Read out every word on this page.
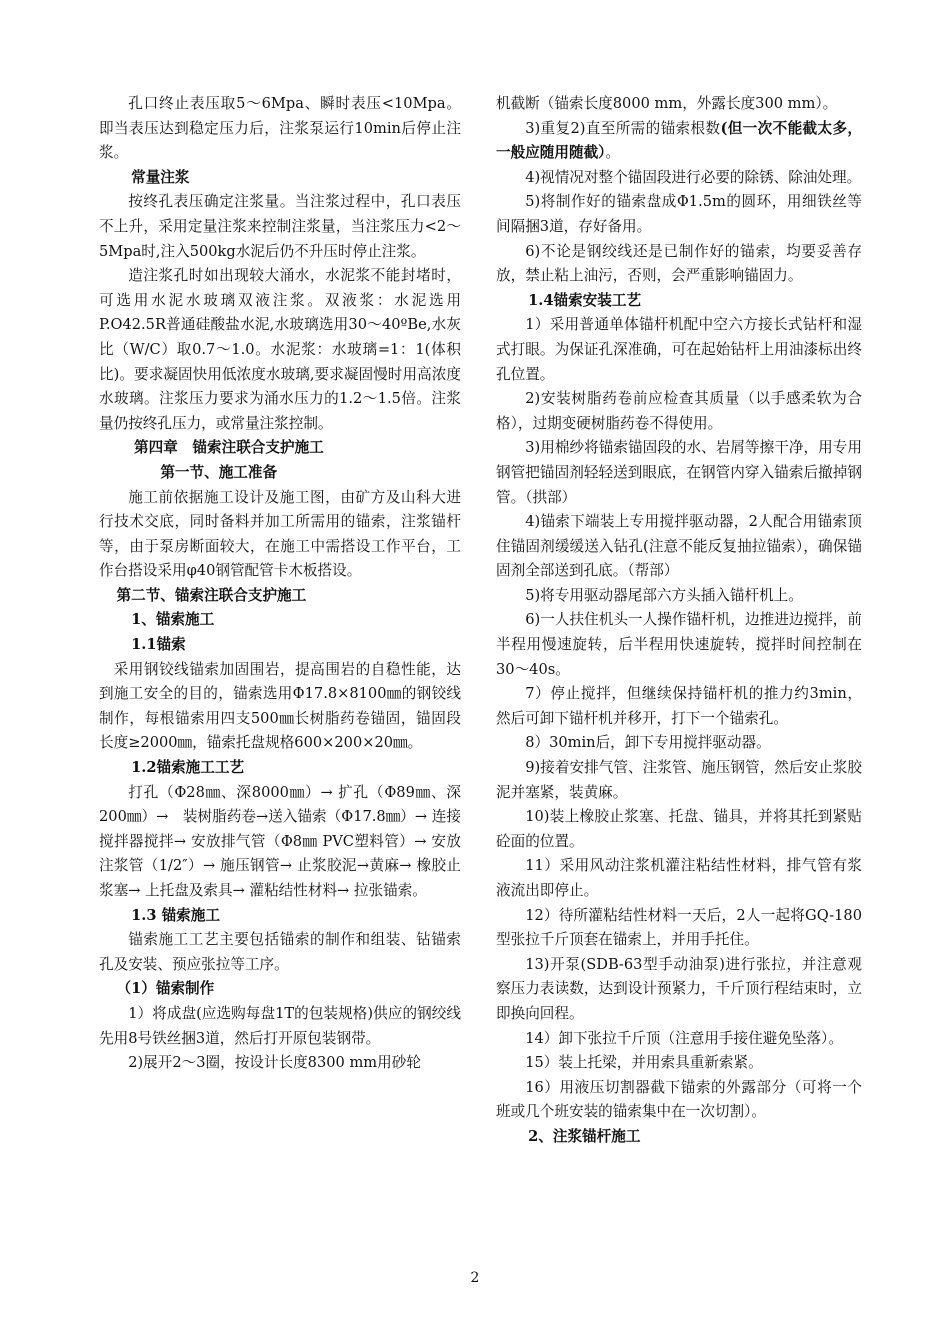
孔口终止表压取5～6Mpa、瞬时表压<10Mpa。即当表压达到稳定压力后，注浆泵运行10min后停止注浆。

常量注浆

按终孔表压确定注浆量。当注浆过程中，孔口表压不上升，采用定量注浆来控制注浆量，当注浆压力<2～5Mpa时,注入500kg水泥后仍不升压时停止注浆。

造注浆孔时如出现较大涌水，水泥浆不能封堵时，可选用水泥水玻璃双液注浆。双液浆：水泥选用P.O42.5R普通硅酸盐水泥,水玻璃选用30～40ºBe,水灰比（W/C）取0.7～1.0。水泥浆：水玻璃=1：1(体积比)。要求凝固快用低浓度水玻璃,要求凝固慢时用高浓度水玻璃。注浆压力要求为涌水压力的1.2～1.5倍。注浆量仍按终孔压力，或常量注浆控制。

第四章　锚索注联合支护施工

第一节、施工准备

施工前依据施工设计及施工图，由矿方及山科大进行技术交底，同时备料并加工所需用的锚索，注浆锚杆等，由于泵房断面较大，在施工中需搭设工作平台，工作台搭设采用φ40钢管配管卡木板搭设。

第二节、锚索注联合支护施工

1、锚索施工

1.1锚索

采用钢铰线锚索加固围岩，提高围岩的自稳性能，达到施工安全的目的，锚索选用Φ17.8×8100㎜的钢铰线制作，每根锚索用四支500㎜长树脂药卷锚固，锚固段长度≥2000㎜，锚索托盘规格600×200×20㎜。

1.2锚索施工工艺

打孔（Φ28㎜、深8000㎜）→ 扩孔（Φ89㎜、深200㎜）→　装树脂药卷→送入锚索（Φ17.8㎜）→ 连接搅拌器搅拌→ 安放排气管（Φ8㎜ PVC塑料管）→ 安放注浆管（1/2″）→ 施压钢管→ 止浆胶泥→黄麻→ 橡胶止浆塞→ 上托盘及索具→ 灌粘结性材料→ 拉张锚索。

1.3 锚索施工

锚索施工工艺主要包括锚索的制作和组装、钻锚索孔及安装、预应张拉等工序。

（1）锚索制作

1）将成盘(应选购每盘1T的包装规格)供应的钢绞线先用8号铁丝捆3道，然后打开原包装钢带。

2)展开2～3圈，按设计长度8300 mm用砂轮

机截断（锚索长度8000 mm，外露长度300 mm）。

3)重复2)直至所需的锚索根数(但一次不能截太多，一般应随用随截）。

4)视情况对整个锚固段进行必要的除锈、除油处理。

5)将制作好的锚索盘成Φ1.5m的圆环，用细铁丝等间隔捆3道，存好备用。

6)不论是钢绞线还是已制作好的锚索，均要妥善存放，禁止粘上油污，否则，会严重影响锚固力。

1.4锚索安装工艺

1）采用普通单体锚杆机配中空六方接长式钻杆和湿式打眼。为保证孔深准确，可在起始钻杆上用油漆标出终孔位置。

2)安装树脂药卷前应检查其质量（以手感柔软为合格），过期变硬树脂药卷不得使用。

3)用棉纱将锚索锚固段的水、岩屑等擦干净，用专用钢管把锚固剂轻轻送到眼底，在钢管内穿入锚索后撤掉钢管。（拱部）

4)锚索下端装上专用搅拌驱动器，2人配合用锚索顶住锚固剂缓缓送入钻孔(注意不能反复抽拉锚索），确保锚固剂全部送到孔底。（帮部）

5)将专用驱动器尾部六方头插入锚杆机上。

6)一人扶住机头一人操作锚杆机，边推进边搅拌，前半程用慢速旋转，后半程用快速旋转，搅拌时间控制在30～40s。

7）停止搅拌，但继续保持锚杆机的推力约3min，然后可卸下锚杆机并移开，打下一个锚索孔。

8）30min后，卸下专用搅拌驱动器。

9)接着安排气管、注浆管、施压钢管，然后安止浆胶泥并塞紧，装黄麻。

10)装上橡胶止浆塞、托盘、锚具，并将其托到紧贴砼面的位置。

11）采用风动注浆机灌注粘结性材料，排气管有浆液流出即停止。

12）待所灌粘结性材料一天后，2人一起将GQ-180型张拉千斤顶套在锚索上，并用手托住。

13)开泵(SDB-63型手动油泵)进行张拉，并注意观察压力表读数，达到设计预紧力，千斤顶行程结束时，立即换向回程。

14）卸下张拉千斤顶（注意用手接住避免坠落）。

15）装上托梁，并用索具重新索紧。

16）用液压切割器截下锚索的外露部分（可将一个班或几个班安装的锚索集中在一次切割）。

2、注浆锚杆施工

2
